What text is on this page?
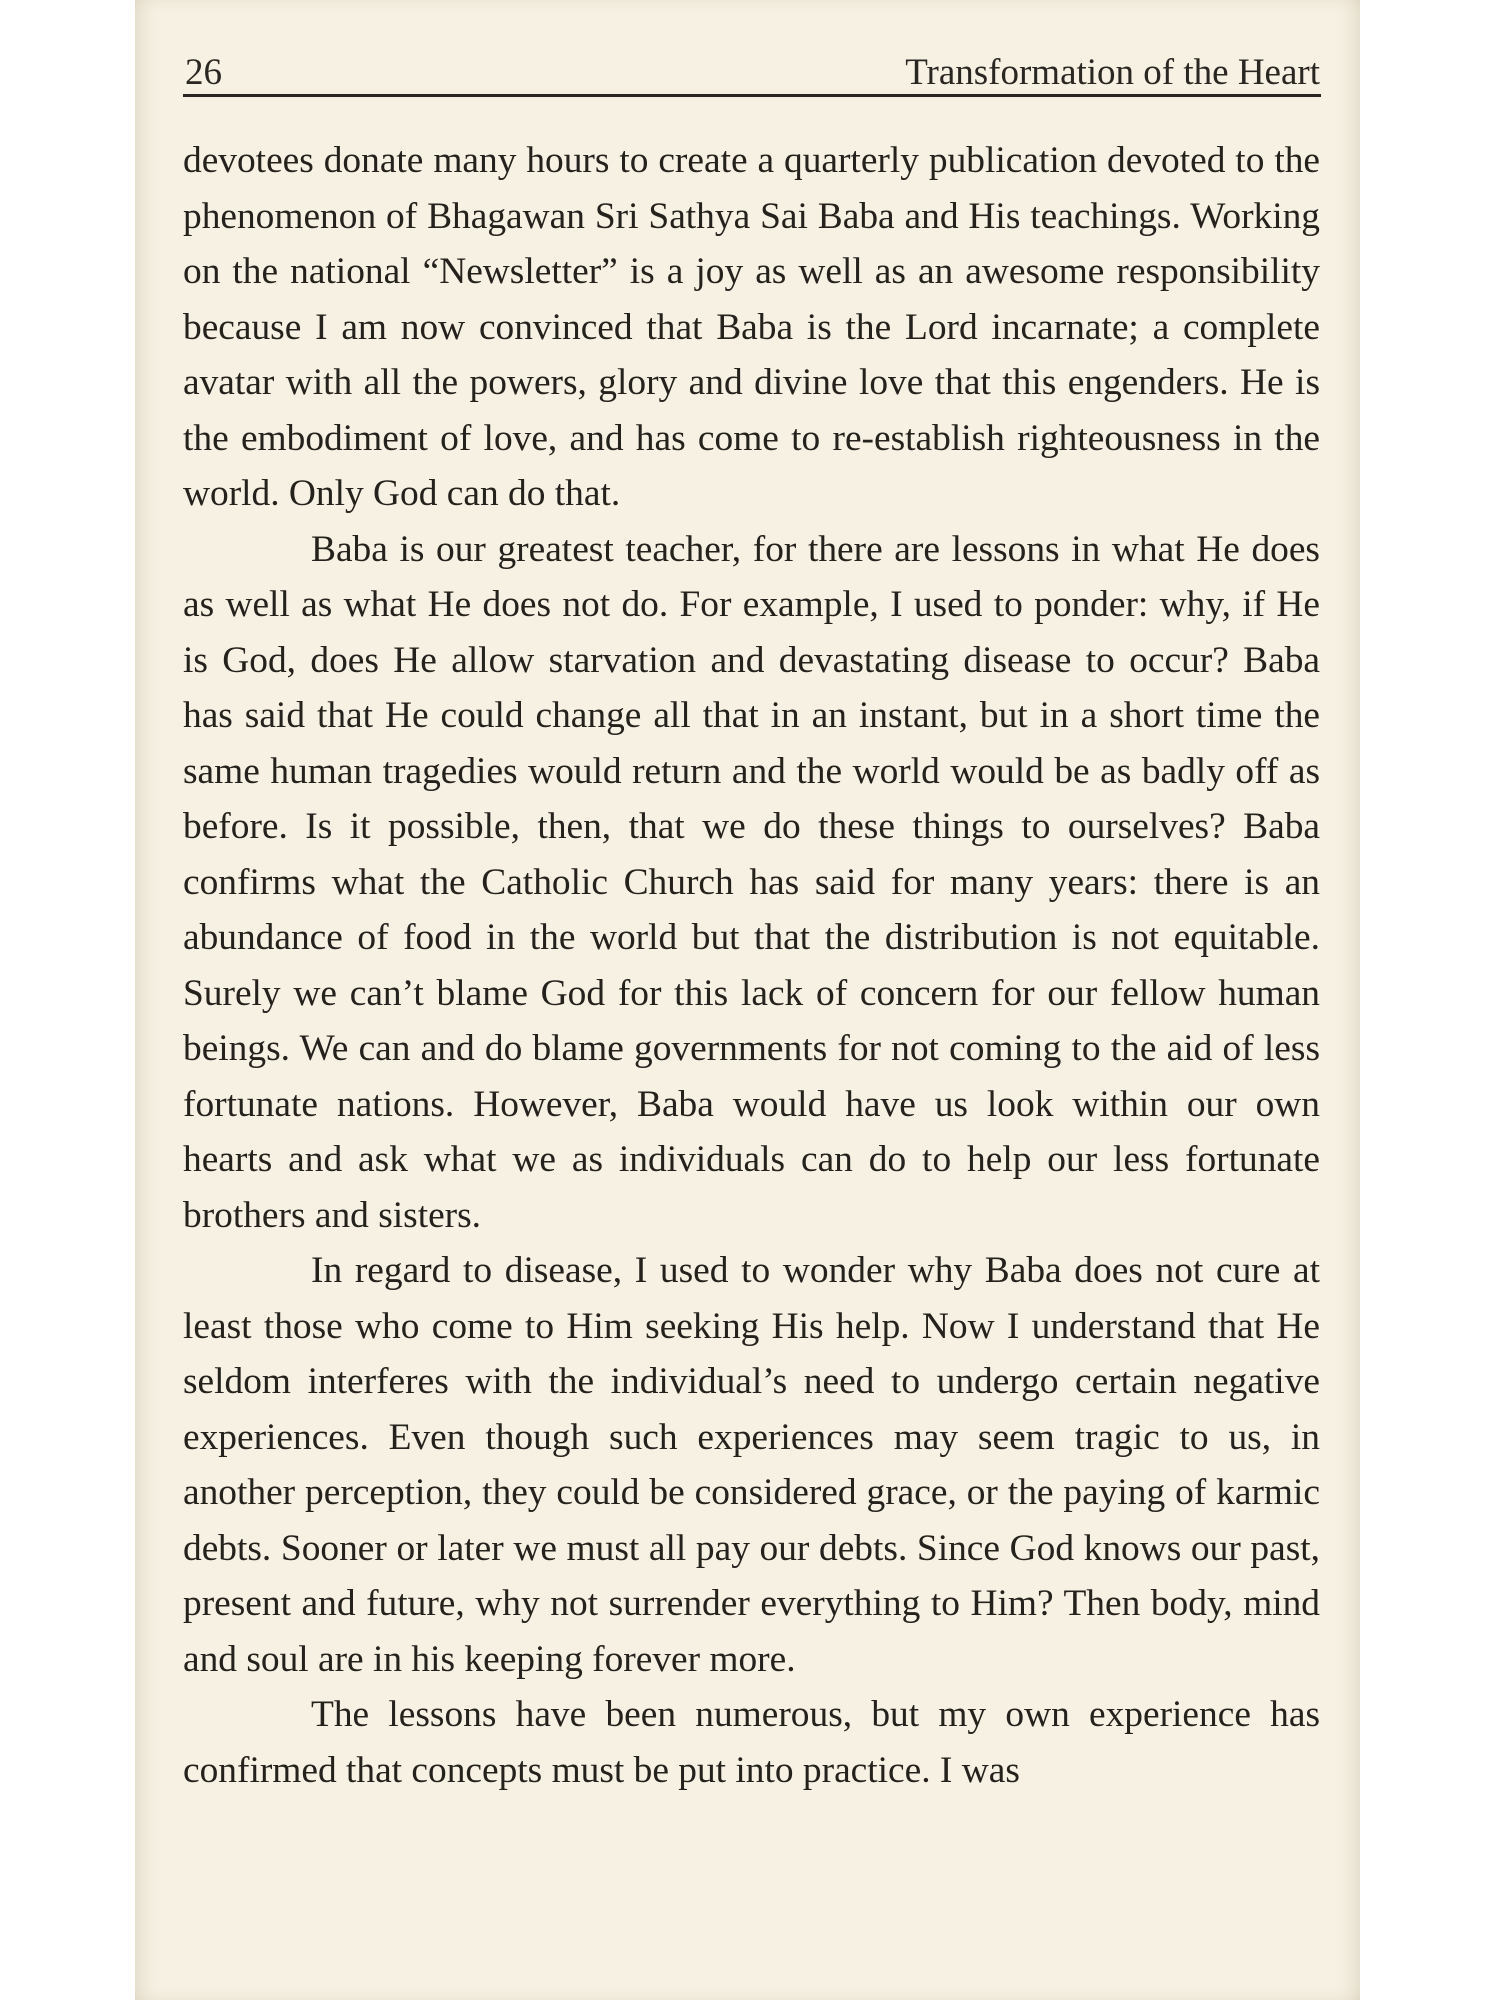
26	Transformation of the Heart

devotees donate many hours to create a quarterly publication devoted to the phenomenon of Bhagawan Sri Sathya Sai Baba and His teachings. Working on the national “Newsletter” is a joy as well as an awesome responsibility because I am now convinced that Baba is the Lord incarnate; a complete avatar with all the powers, glory and divine love that this engenders. He is the embodiment of love, and has come to re-establish righteousness in the world. Only God can do that.

Baba is our greatest teacher, for there are lessons in what He does as well as what He does not do. For example, I used to ponder: why, if He is God, does He allow starvation and devastating disease to occur? Baba has said that He could change all that in an instant, but in a short time the same human tragedies would return and the world would be as badly off as before. Is it possible, then, that we do these things to ourselves? Baba confirms what the Catholic Church has said for many years: there is an abundance of food in the world but that the distribution is not equitable. Surely we can’t blame God for this lack of concern for our fellow human beings. We can and do blame governments for not coming to the aid of less fortunate nations. However, Baba would have us look within our own hearts and ask what we as individuals can do to help our less fortunate brothers and sisters.

In regard to disease, I used to wonder why Baba does not cure at least those who come to Him seeking His help. Now I understand that He seldom interferes with the individual’s need to undergo certain negative experiences. Even though such experiences may seem tragic to us, in another perception, they could be considered grace, or the paying of karmic debts. Sooner or later we must all pay our debts. Since God knows our past, present and future, why not surrender everything to Him? Then body, mind and soul are in his keeping forever more.

The lessons have been numerous, but my own experience has confirmed that concepts must be put into practice. I was
